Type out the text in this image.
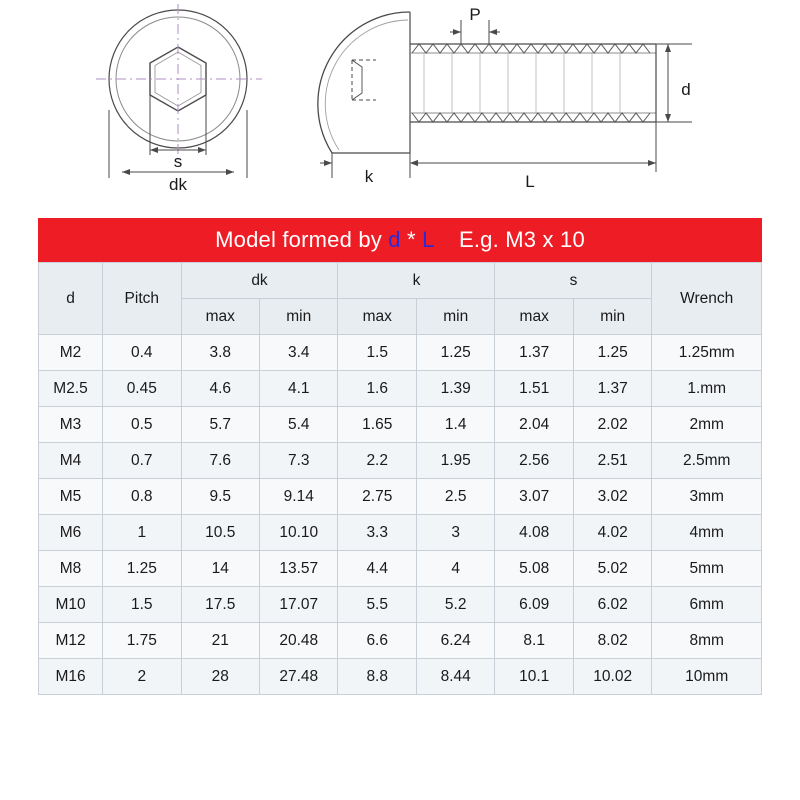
s
dk
P
d
k	L
Model formed by d * L    E.g. M3 x 10
d	Pitch	dk		k		s		Wrench
		max	min	max	min	max	min	
M2	0.4	3.8	3.4	1.5	1.25	1.37	1.25	1.25mm
M2.5	0.45	4.6	4.1	1.6	1.39	1.51	1.37	1.mm
M3	0.5	5.7	5.4	1.65	1.4	2.04	2.02	2mm
M4	0.7	7.6	7.3	2.2	1.95	2.56	2.51	2.5mm
M5	0.8	9.5	9.14	2.75	2.5	3.07	3.02	3mm
M6	1	10.5	10.10	3.3	3	4.08	4.02	4mm
M8	1.25	14	13.57	4.4	4	5.08	5.02	5mm
M10	1.5	17.5	17.07	5.5	5.2	6.09	6.02	6mm
M12	1.75	21	20.48	6.6	6.24	8.1	8.02	8mm
M16	2	28	27.48	8.8	8.44	10.1	10.02	10mm
